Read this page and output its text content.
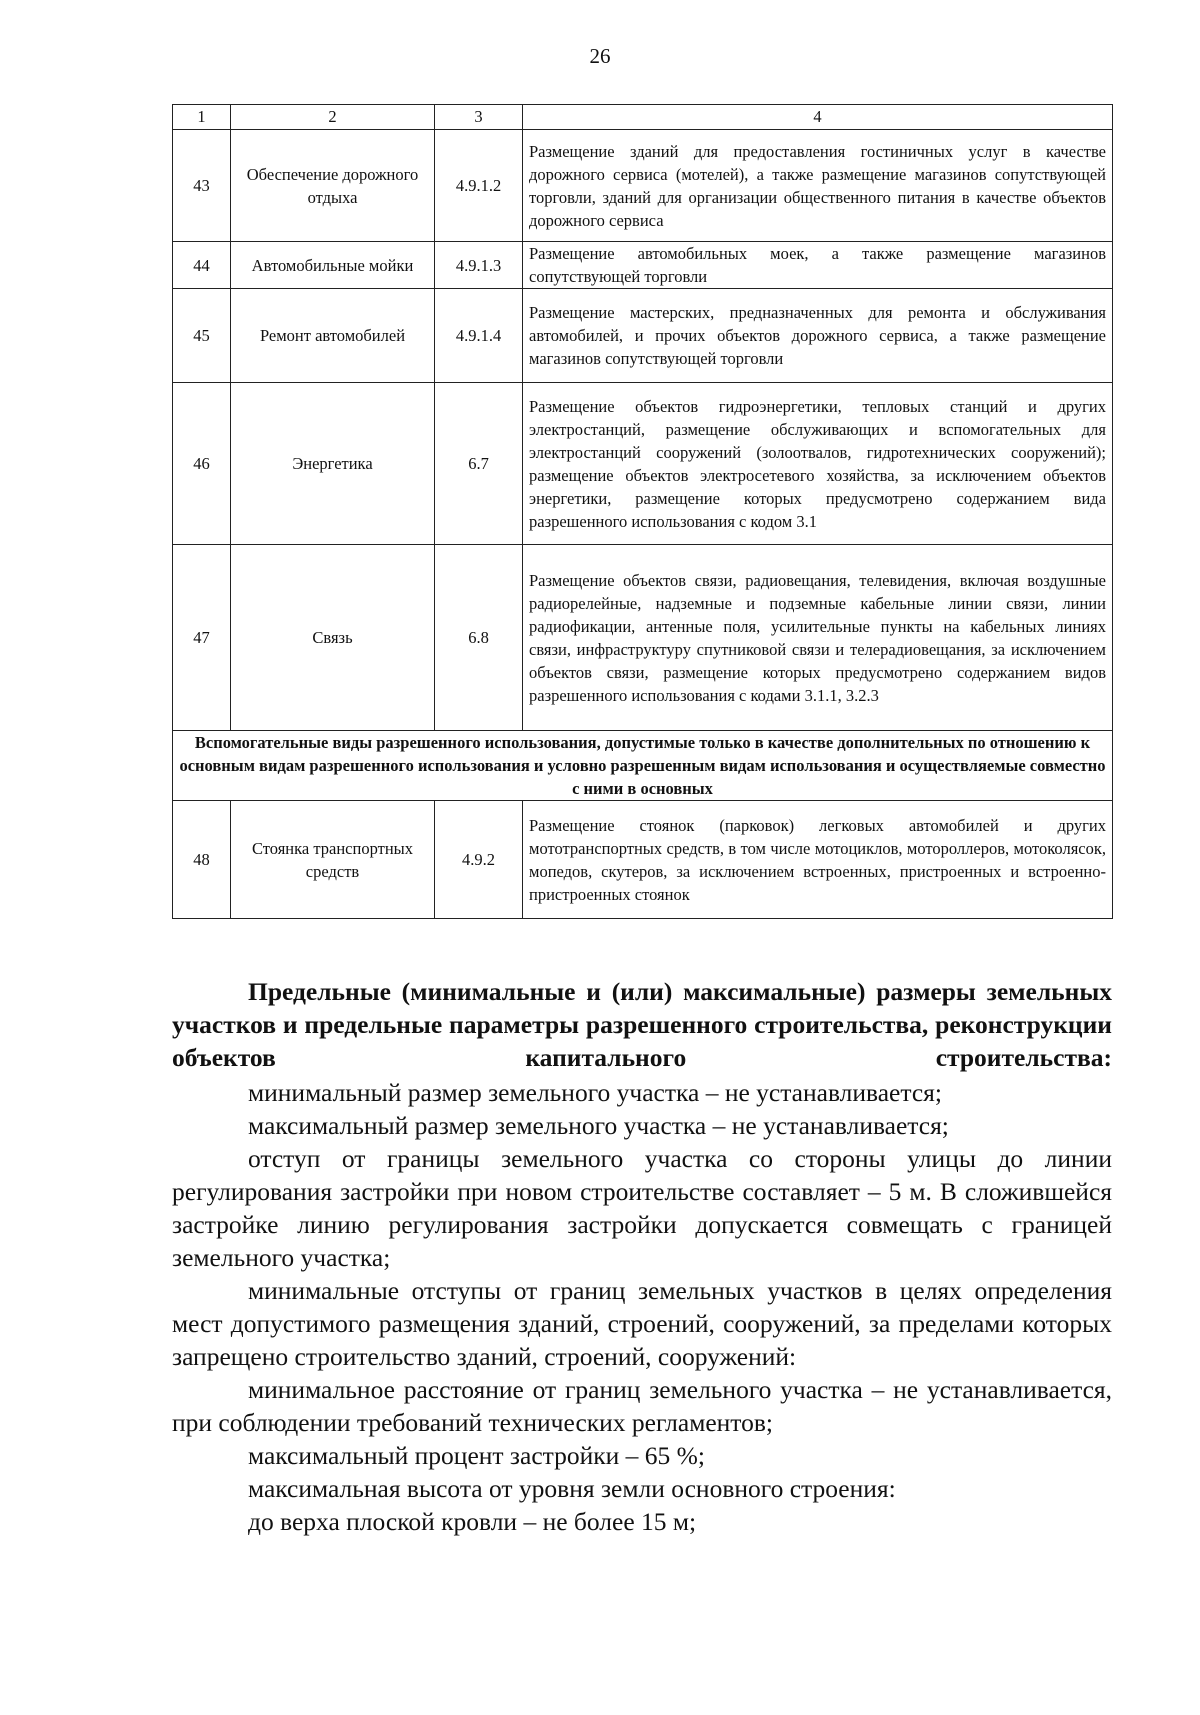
26
1	2	3	4
43	Обеспечение дорожного отдыха	4.9.1.2	Размещение зданий для предоставления гостиничных услуг в качестве дорожного сервиса (мотелей), а также размещение магазинов сопутствующей торговли, зданий для организации общественного питания в качестве объектов дорожного сервиса
44	Автомобильные мойки	4.9.1.3	Размещение автомобильных моек, а также размещение магазинов сопутствующей торговли
45	Ремонт автомобилей	4.9.1.4	Размещение мастерских, предназначенных для ремонта и обслуживания автомобилей, и прочих объектов дорожного сервиса, а также размещение магазинов сопутствующей торговли
46	Энергетика	6.7	Размещение объектов гидроэнергетики, тепловых станций и других электростанций, размещение обслуживающих и вспомогательных для электростанций сооружений (золоотвалов, гидротехнических сооружений); размещение объектов электросетевого хозяйства, за исключением объектов энергетики, размещение которых предусмотрено содержанием вида разрешенного использования с кодом 3.1
47	Связь	6.8	Размещение объектов связи, радиовещания, телевидения, включая воздушные радиорелейные, надземные и подземные кабельные линии связи, линии радиофикации, антенные поля, усилительные пункты на кабельных линиях связи, инфраструктуру спутниковой связи и телерадиовещания, за исключением объектов связи, размещение которых предусмотрено содержанием видов разрешенного использования с кодами 3.1.1, 3.2.3
Вспомогательные виды разрешенного использования, допустимые только в качестве дополнительных по отношению к основным видам разрешенного использования и условно разрешенным видам использования и осуществляемые совместно с ними в основных			
48	Стоянка транспортных средств	4.9.2	Размещение стоянок (парковок) легковых автомобилей и других мототранспортных средств, в том числе мотоциклов, мотороллеров, мотоколясок, мопедов, скутеров, за исключением встроенных, пристроенных и встроенно-пристроенных стоянок

Предельные (минимальные и (или) максимальные) размеры земельных участков и предельные параметры разрешенного строительства, реконструкции объектов капитального строительства:

минимальный размер земельного участка – не устанавливается;

максимальный размер земельного участка – не устанавливается;

отступ от границы земельного участка со стороны улицы до линии регулирования застройки при новом строительстве составляет – 5 м. В сложившейся застройке линию регулирования застройки допускается совмещать с границей земельного участка;

минимальные отступы от границ земельных участков в целях определения мест допустимого размещения зданий, строений, сооружений, за пределами которых запрещено строительство зданий, строений, сооружений:

минимальное расстояние от границ земельного участка – не устанавливается, при соблюдении требований технических регламентов;

максимальный процент застройки – 65 %;

максимальная высота от уровня земли основного строения:

до верха плоской кровли – не более 15 м;
